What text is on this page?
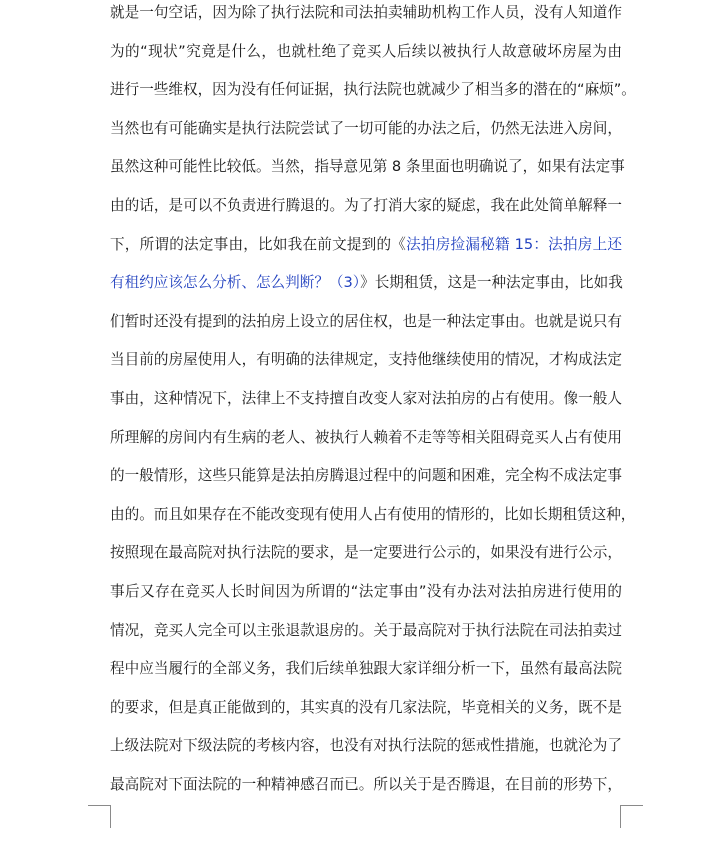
就是一句空话，因为除了执行法院和司法拍卖辅助机构工作人员，没有人知道作
为的“现状”究竟是什么，也就杜绝了竞买人后续以被执行人故意破坏房屋为由
进行一些维权，因为没有任何证据，执行法院也就减少了相当多的潜在的“麻烦”。
当然也有可能确实是执行法院尝试了一切可能的办法之后，仍然无法进入房间，
虽然这种可能性比较低。当然，指导意见第 8 条里面也明确说了，如果有法定事
由的话，是可以不负责进行腾退的。为了打消大家的疑虑，我在此处简单解释一
下，所谓的法定事由，比如我在前文提到的《法拍房捡漏秘籍 15：法拍房上还
有租约应该怎么分析、怎么判断？（3）》长期租赁，这是一种法定事由，比如我
们暂时还没有提到的法拍房上设立的居住权，也是一种法定事由。也就是说只有
当目前的房屋使用人，有明确的法律规定，支持他继续使用的情况，才构成法定
事由，这种情况下，法律上不支持擅自改变人家对法拍房的占有使用。像一般人
所理解的房间内有生病的老人、被执行人赖着不走等等相关阻碍竞买人占有使用
的一般情形，这些只能算是法拍房腾退过程中的问题和困难，完全构不成法定事
由的。而且如果存在不能改变现有使用人占有使用的情形的，比如长期租赁这种，
按照现在最高院对执行法院的要求，是一定要进行公示的，如果没有进行公示，
事后又存在竞买人长时间因为所谓的“法定事由”没有办法对法拍房进行使用的
情况，竞买人完全可以主张退款退房的。关于最高院对于执行法院在司法拍卖过
程中应当履行的全部义务，我们后续单独跟大家详细分析一下，虽然有最高法院
的要求，但是真正能做到的，其实真的没有几家法院，毕竟相关的义务，既不是
上级法院对下级法院的考核内容，也没有对执行法院的惩戒性措施，也就沦为了
最高院对下面法院的一种精神感召而已。所以关于是否腾退，在目前的形势下，
